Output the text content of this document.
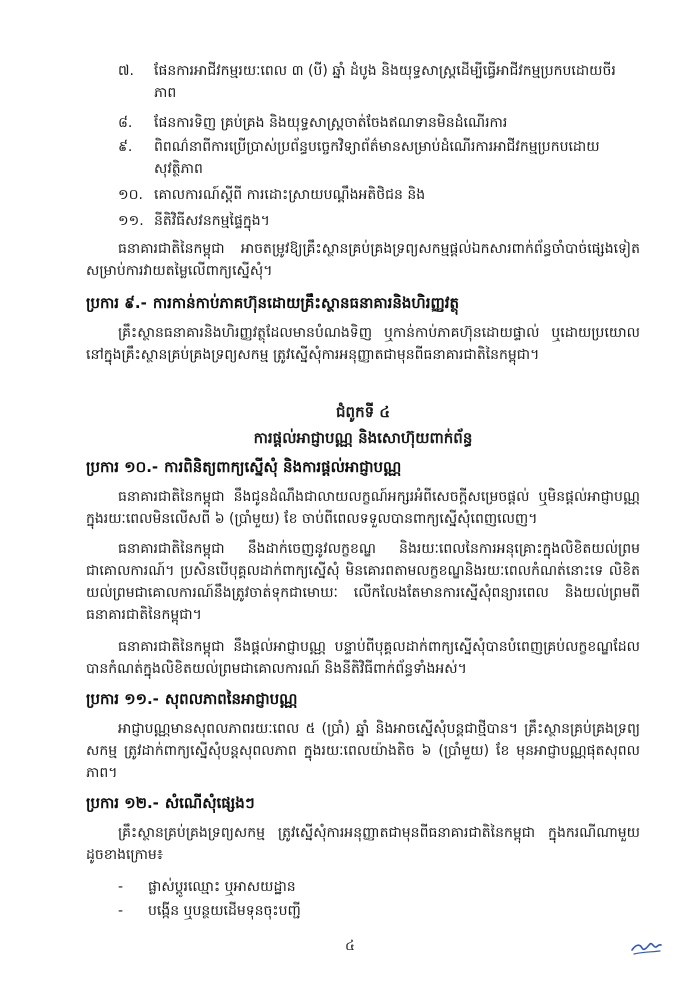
៧.	ផែនការអាជីវកម្មរយៈពេល ៣ (បី) ឆ្នាំ ដំបូង និងយុទ្ធសាស្ត្រដើម្បីធ្វើអាជីវកម្មប្រកបដោយចីរភាព
៨.	ផែនការទិញ គ្រប់គ្រង និងយុទ្ធសាស្ត្រចាត់ចែងឥណទានមិនដំណើរការ
៩.	ពិពណ៌នាពីការប្រើប្រាស់ប្រព័ន្ធបច្ចេកវិទ្យាព័ត៌មានសម្រាប់ដំណើរការអាជីវកម្មប្រកបដោយសុវត្ថិភាព
១០. គោលការណ៍ស្តីពី ការដោះស្រាយបណ្តឹងអតិថិជន និង
១១. នីតិវិធីសវនកម្មផ្ទៃក្នុង។
ធនាគារជាតិនៃកម្ពុជា អាចតម្រូវឱ្យគ្រឹះស្ថានគ្រប់គ្រងទ្រព្យសកម្មផ្តល់ឯកសារពាក់ព័ន្ធចាំបាច់ផ្សេងទៀត សម្រាប់ការវាយតម្លៃលើពាក្យស្នើសុំ។
ប្រការ ៩.- ការកាន់កាប់ភាគហ៊ុនដោយគ្រឹះស្ថានធនាគារនិងហិរញ្ញវត្ថុ
គ្រឹះស្ថានធនាគារនិងហិរញ្ញវត្ថុដែលមានបំណងទិញ ឬកាន់កាប់ភាគហ៊ុនដោយផ្ទាល់ ឬដោយប្រយោល នៅក្នុងគ្រឹះស្ថានគ្រប់គ្រងទ្រព្យសកម្ម ត្រូវស្នើសុំការអនុញ្ញាតជាមុនពីធនាគារជាតិនៃកម្ពុជា។
ជំពូកទី ៤
ការផ្តល់អាជ្ញាបណ្ណ និងសោហ៊ុយពាក់ព័ន្ធ
ប្រការ ១០.- ការពិនិត្យពាក្យស្នើសុំ និងការផ្តល់អាជ្ញាបណ្ណ
ធនាគារជាតិនៃកម្ពុជា នឹងជូនដំណឹងជាលាយលក្ខណ៍អក្សរអំពីសេចក្តីសម្រេចផ្តល់ ឬមិនផ្តល់អាជ្ញាបណ្ណ ក្នុងរយៈពេលមិនលើសពី ៦ (ប្រាំមួយ) ខែ ចាប់ពីពេលទទួលបានពាក្យស្នើសុំពេញលេញ។
ធនាគារជាតិនៃកម្ពុជា នឹងដាក់ចេញនូវលក្ខខណ្ឌ និងរយៈពេលនៃការអនុគ្រោះក្នុងលិខិតយល់ព្រមជាគោលការណ៍។ ប្រសិនបើបុគ្គលដាក់ពាក្យស្នើសុំ មិនគោរពតាមលក្ខខណ្ឌនិងរយៈពេលកំណត់នោះទេ លិខិតយល់ព្រមជាគោលការណ៍នឹងត្រូវចាត់ទុកជាមោឃៈ លើកលែងតែមានការស្នើសុំពន្យារពេល និងយល់ព្រមពីធនាគារជាតិនៃកម្ពុជា។
ធនាគារជាតិនៃកម្ពុជា នឹងផ្តល់អាជ្ញាបណ្ណ បន្ទាប់ពីបុគ្គលដាក់ពាក្យស្នើសុំបានបំពេញគ្រប់លក្ខខណ្ឌដែលបានកំណត់ក្នុងលិខិតយល់ព្រមជាគោលការណ៍ និងនីតិវិធីពាក់ព័ន្ធទាំងអស់។
ប្រការ ១១.- សុពលភាពនៃអាជ្ញាបណ្ណ
អាជ្ញាបណ្ណមានសុពលភាពរយៈពេល ៥ (ប្រាំ) ឆ្នាំ និងអាចស្នើសុំបន្តជាថ្មីបាន។ គ្រឹះស្ថានគ្រប់គ្រងទ្រព្យសកម្ម ត្រូវដាក់ពាក្យស្នើសុំបន្តសុពលភាព ក្នុងរយៈពេលយ៉ាងតិច ៦ (ប្រាំមួយ) ខែ មុនអាជ្ញាបណ្ណផុតសុពលភាព។
ប្រការ ១២.- សំណើសុំផ្សេងៗ
គ្រឹះស្ថានគ្រប់គ្រងទ្រព្យសកម្ម ត្រូវស្នើសុំការអនុញ្ញាតជាមុនពីធនាគារជាតិនៃកម្ពុជា ក្នុងករណីណាមួយ ដូចខាងក្រោម៖
- ផ្លាស់ប្តូរឈ្មោះ ឬអាសយដ្ឋាន
- បង្កើន ឬបន្ថយដើមទុនចុះបញ្ជី
៤
